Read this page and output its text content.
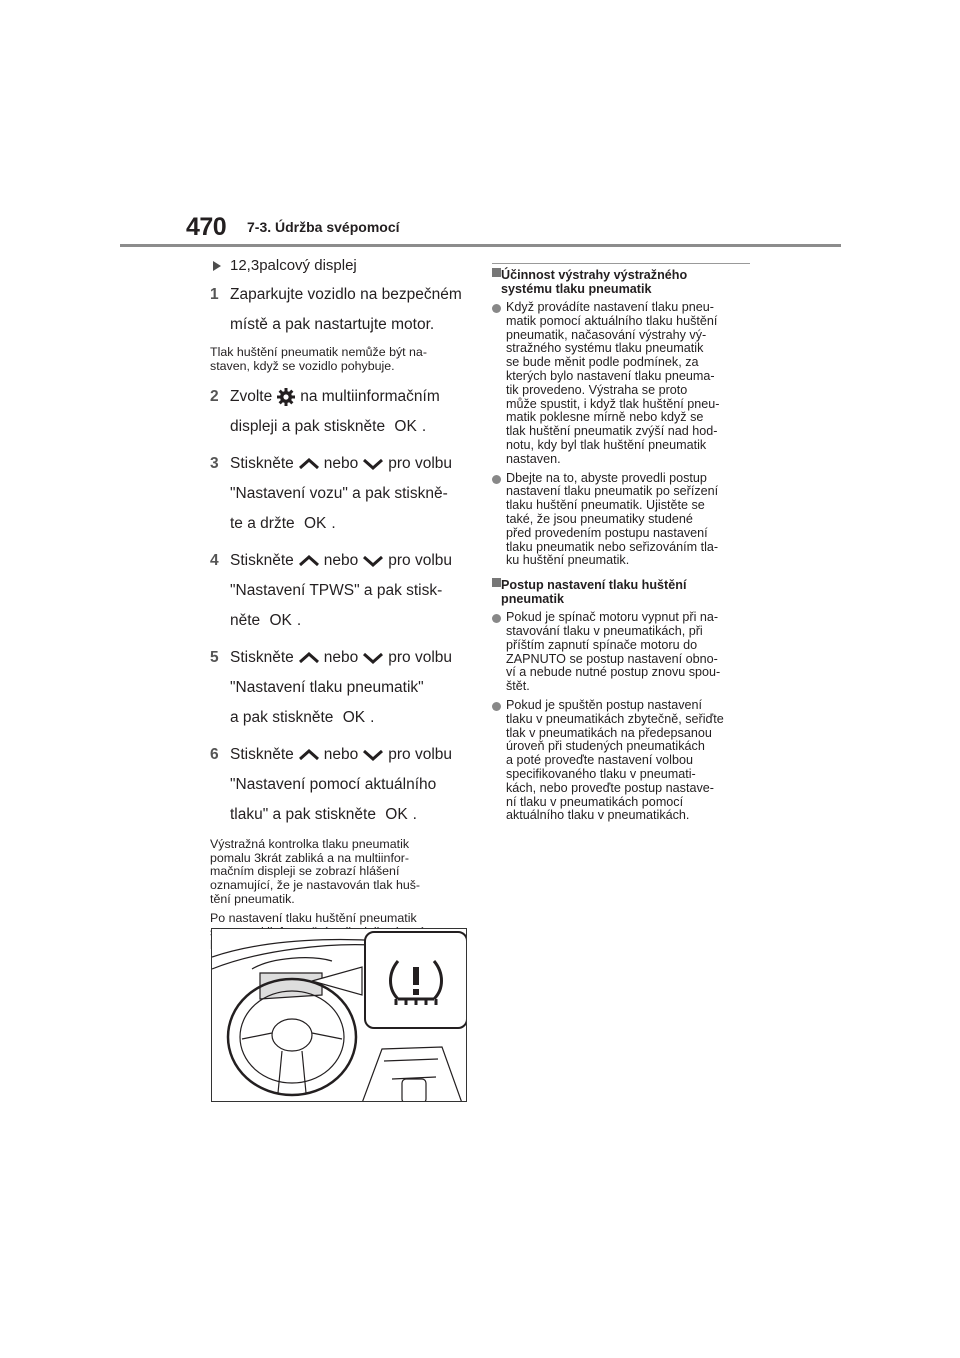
470 7-3. Údržba svépomocí
12,3palcový displej
1 Zaparkujte vozidlo na bezpečném

místě a pak nastartujte motor.

Tlak huštění pneumatik nemůže být na-
staven, když se vozidlo pohybuje.
2 Zvolte na multiinformačním

displeji a pak stiskněte OK .

3 Stiskněte nebo pro volbu

"Nastavení vozu" a pak stiskně-

te a držte OK .

4 Stiskněte nebo pro volbu

"Nastavení TPWS" a pak stisk-

něte OK .

5 Stiskněte nebo pro volbu

"Nastavení tlaku pneumatik"

a pak stiskněte OK .

6 Stiskněte nebo pro volbu

"Nastavení pomocí aktuálního

tlaku" a pak stiskněte OK .

Výstražná kontrolka tlaku pneumatik
pomalu 3krát zabliká a na multiinfor-
mačním displeji se zobrazí hlášení
oznamující, že je nastavován tlak huš-
tění pneumatik.
Po nastavení tlaku huštění pneumatik
Účinnost výstrahy výstražného
systému tlaku pneumatik

Když provádíte nastavení tlaku pneu-

matik pomocí aktuálního tlaku huštění

pneumatik, načasování výstrahy vý-

stražného systému tlaku pneumatik

se bude měnit podle podmínek, za

kterých bylo nastavení tlaku pneuma-

tik provedeno. Výstraha se proto

může spustit, i když tlak huštění pneu-

matik poklesne mírně nebo když se

tlak huštění pneumatik zvýší nad hod-

notu, kdy byl tlak huštění pneumatik

nastaven.

Dbejte na to, abyste provedli postup

nastavení tlaku pneumatik po seřízení

tlaku huštění pneumatik. Ujistěte se

také, že jsou pneumatiky studené

před provedením postupu nastavení

tlaku pneumatik nebo seřizováním tla-

ku huštění pneumatik.

Postup nastavení tlaku huštění
pneumatik

Pokud je spínač motoru vypnut při na-

stavování tlaku v pneumatikách, při

příštím zapnutí spínače motoru do

ZAPNUTO se postup nastavení obno-

ví a nebude nutné postup znovu spou-

štět.

Pokud je spuštěn postup nastavení

tlaku v pneumatikách zbytečně, seřiďte

tlak v pneumatikách na předepsanou

úroveň při studených pneumatikách

a poté proveďte nastavení volbou

specifikovaného tlaku v pneumati-

kách, nebo proveďte postup nastave-

ní tlaku v pneumatikách pomocí

aktuálního tlaku v pneumatikách.
